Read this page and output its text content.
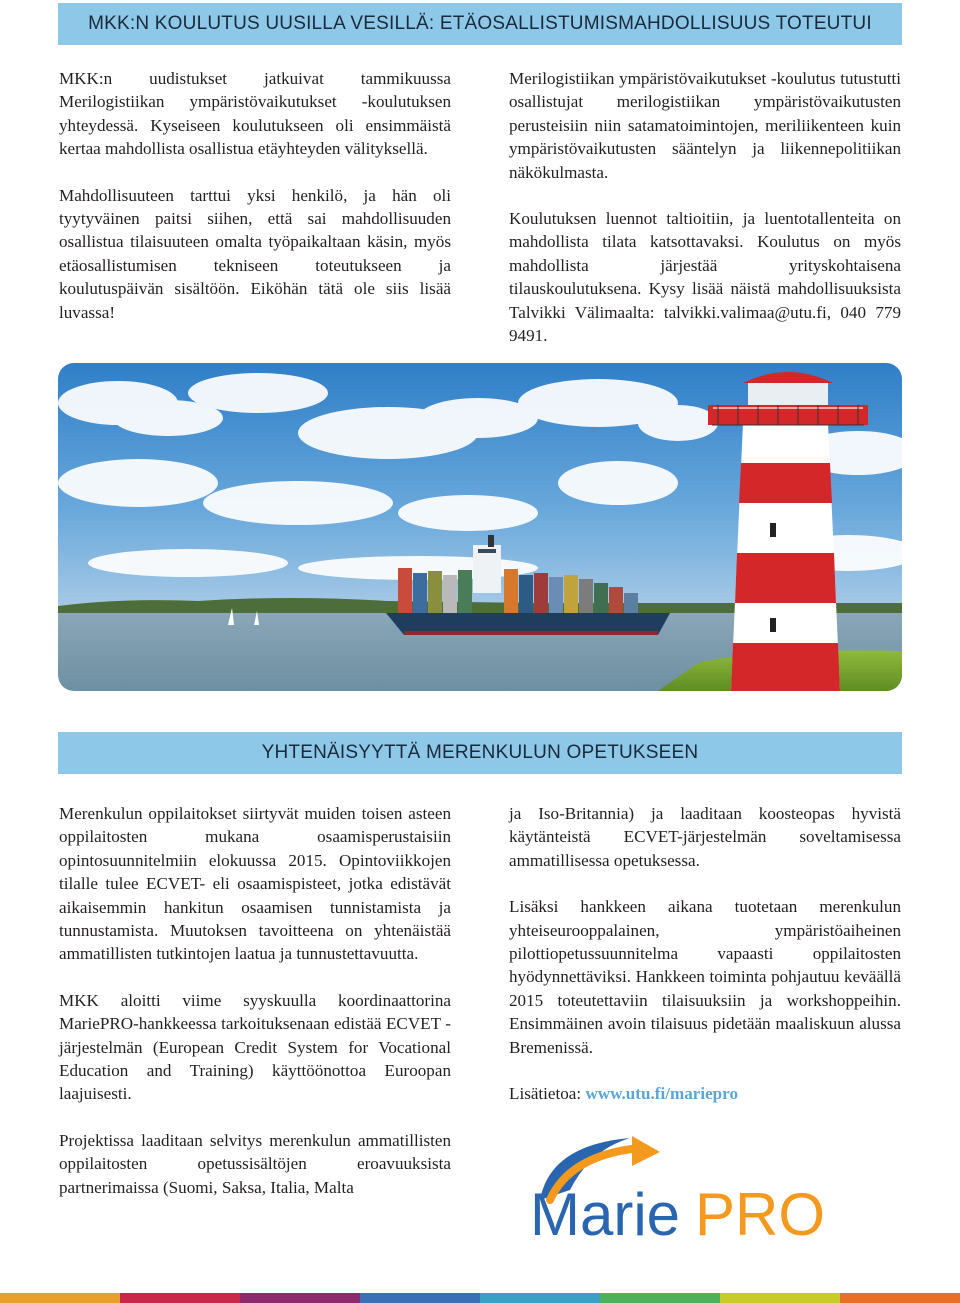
MKK:N KOULUTUS UUSILLA VESILLÄ: ETÄOSALLISTUMISMAHDOLLISUUS TOTEUTUI

MKK:n uudistukset jatkuivat tammikuussa Merilogistiikan ympäristövaikutukset -koulutuksen yhteydessä. Kyseiseen koulutukseen oli ensimmäistä kertaa mahdollista osallistua etäyhteyden välityksellä.

Mahdollisuuteen tarttui yksi henkilö, ja hän oli tyytyväinen paitsi siihen, että sai mahdollisuuden osallistua tilaisuuteen omalta työpaikaltaan käsin, myös etäosallistumisen tekniseen toteutukseen ja koulutuspäivän sisältöön. Eiköhän tätä ole siis lisää luvassa!

Merilogistiikan ympäristövaikutukset -koulutus tutustutti osallistujat merilogistiikan ympäristövaikutusten perusteisiin niin satamatoimintojen, meriliikenteen kuin ympäristövaikutusten sääntelyn ja liikennepolitiikan näkökulmasta.

Koulutuksen luennot taltioitiin, ja luentotallenteita on mahdollista tilata katsottavaksi. Koulutus on myös mahdollista järjestää yrityskohtaisena tilauskoulutuksena. Kysy lisää näistä mahdollisuuksista Talvikki Välimaalta: talvikki.valimaa@utu.fi, 040 779 9491.

YHTENÄISYYTTÄ MERENKULUN OPETUKSEEN

Merenkulun oppilaitokset siirtyvät muiden toisen asteen oppilaitosten mukana osaamisperustaisiin opintosuunnitelmiin elokuussa 2015. Opintoviikkojen tilalle tulee ECVET- eli osaamispisteet, jotka edistävät aikaisemmin hankitun osaamisen tunnistamista ja tunnustamista. Muutoksen tavoitteena on yhtenäistää ammatillisten tutkintojen laatua ja tunnustettavuutta.

MKK aloitti viime syyskuulla koordinaattorina MariePRO-hankkeessa tarkoituksenaan edistää ECVET -järjestelmän (European Credit System for Vocational Education and Training) käyttöönottoa Euroopan laajuisesti.

Projektissa laaditaan selvitys merenkulun ammatillisten oppilaitosten opetussisältöjen eroavuuksista partnerimaissa (Suomi, Saksa, Italia, Malta

ja Iso-Britannia) ja laaditaan koosteopas hyvistä käytänteistä ECVET-järjestelmän soveltamisessa ammatillisessa opetuksessa.

Lisäksi hankkeen aikana tuotetaan merenkulun yhteiseurooppalainen, ympäristöaiheinen pilottiopetussuunnitelma vapaasti oppilaitosten hyödynnettäviksi. Hankkeen toiminta pohjautuu keväällä 2015 toteutettaviin tilaisuuksiin ja workshoppeihin. Ensimmäinen avoin tilaisuus pidetään maaliskuun alussa Bremenissä.

Lisätietoa: www.utu.fi/mariepro

Marie PRO
